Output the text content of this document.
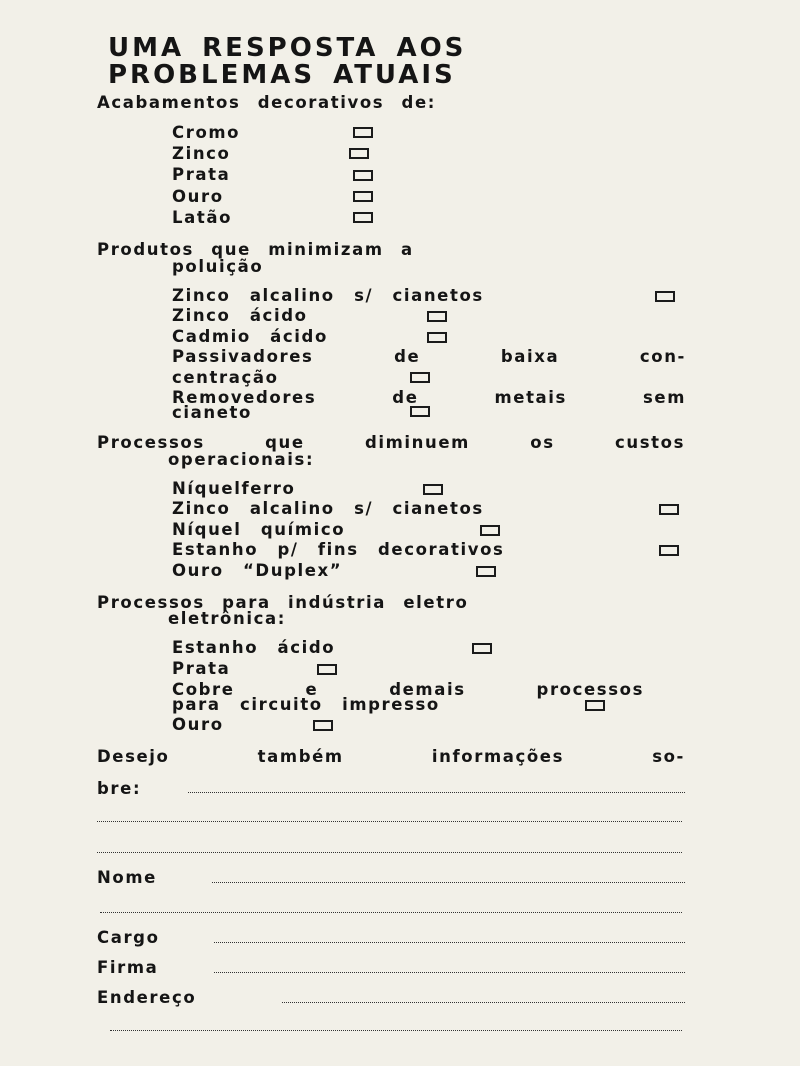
UMA RESPOSTA AOS
PROBLEMAS ATUAIS
Acabamentos decorativos de:
Cromo
Zinco
Prata
Ouro
Latão
Produtos que minimizam a
poluição
Zinco alcalino s/ cianetos
Zinco ácido
Cadmio ácido
Passivadores de baixa con-
centração
Removedores de metais sem
cianeto
Processos que diminuem os custos
operacionais:
Níquelferro
Zinco alcalino s/ cianetos
Níquel químico
Estanho p/ fins decorativos
Ouro “Duplex”
Processos para indústria eletro
eletrônica:
Estanho ácido
Prata
Cobre e demais processos
para circuito impresso
Ouro
Desejo também informações so-
bre:
Nome
Cargo
Firma
Endereço
